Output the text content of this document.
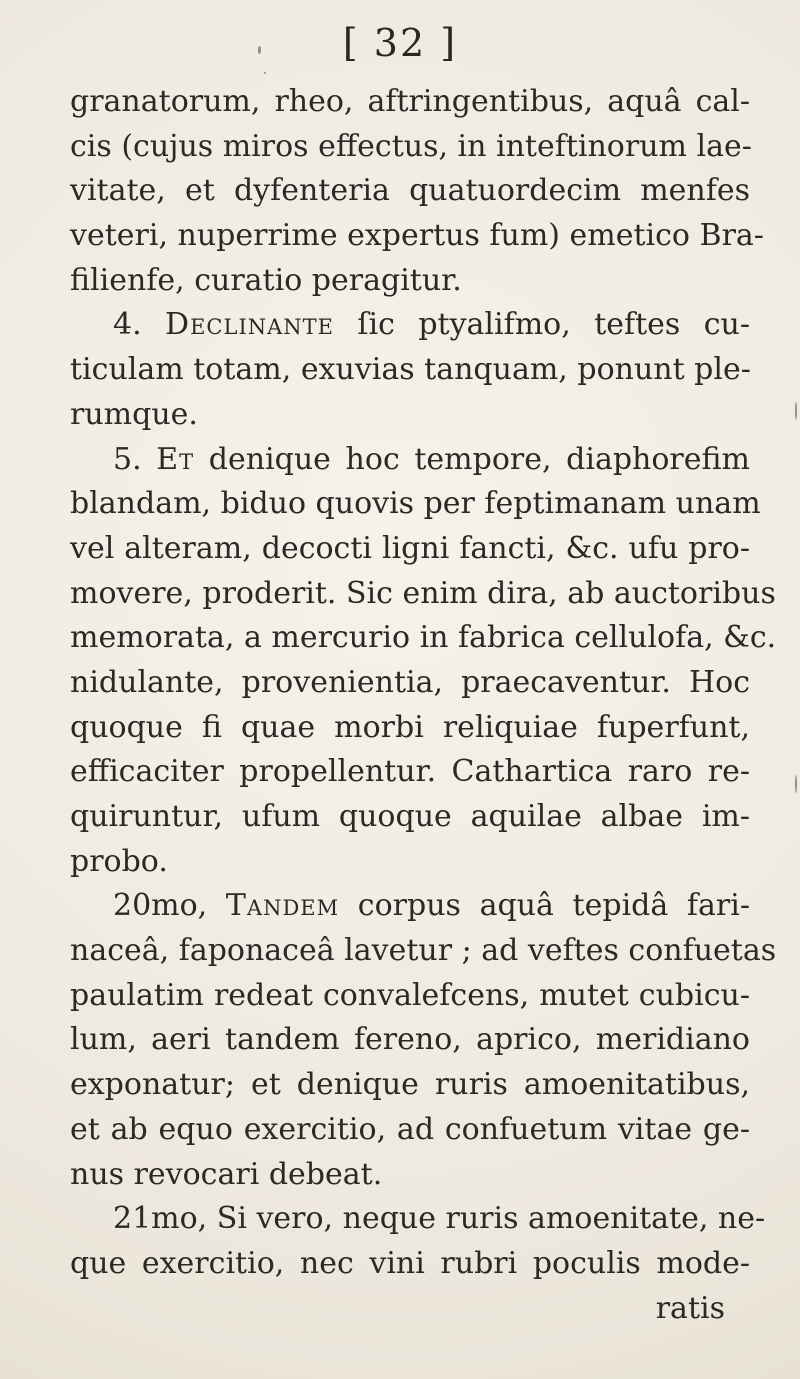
[ 32 ]
granatorum, rheo, aftringentibus, aquâ cal-
cis (cujus miros effectus, in inteftinorum lae-
vitate, et dyfenteria quatuordecim menfes
veteri, nuperrime expertus fum) emetico Bra-
filienfe, curatio peragitur.
4. Declinante ſic ptyalifmo, teftes cu-
ticulam totam, exuvias tanquam, ponunt ple-
rumque.
5. Et denique hoc tempore, diaphorefim
blandam, biduo quovis per feptimanam unam
vel alteram, decocti ligni fancti, &c. ufu pro-
movere, proderit. Sic enim dira, ab auctoribus
memorata, a mercurio in fabrica cellulofa, &c.
nidulante, provenientia, praecaventur. Hoc
quoque fi quae morbi reliquiae fuperfunt,
efficaciter propellentur. Cathartica raro re-
quiruntur, ufum quoque aquilae albae im-
probo.
20mo, Tandem corpus aquâ tepidâ fari-
naceâ, faponaceâ lavetur ; ad veftes confuetas
paulatim redeat convalefcens, mutet cubicu-
lum, aeri tandem fereno, aprico, meridiano
exponatur; et denique ruris amoenitatibus,
et ab equo exercitio, ad confuetum vitae ge-
nus revocari debeat.
21mo, Si vero, neque ruris amoenitate, ne-
que exercitio, nec vini rubri poculis mode-
ratis
